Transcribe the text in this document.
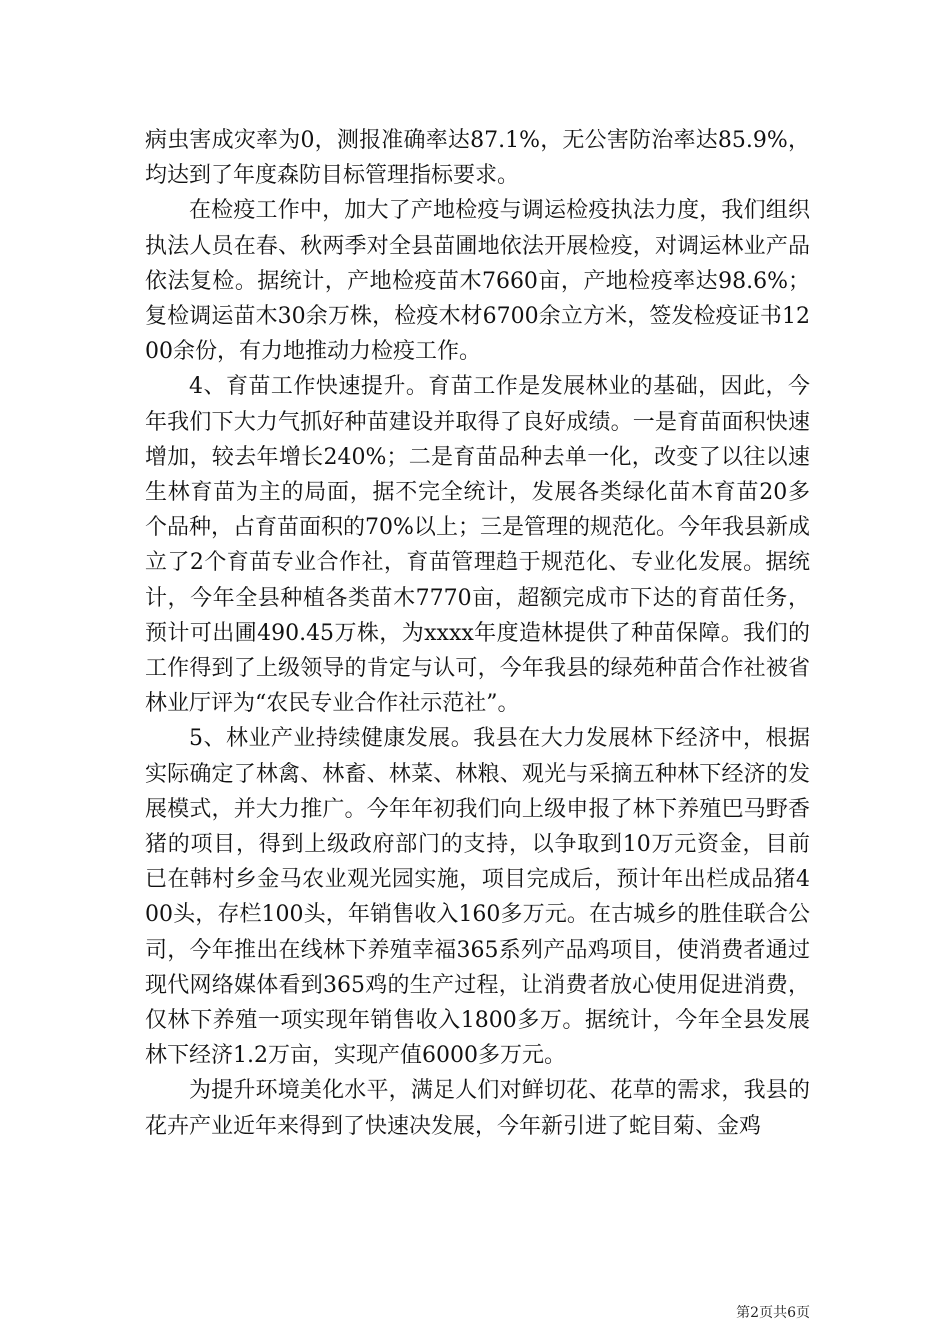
病虫害成灾率为0，测报准确率达87.1%，无公害防治率达85.9%，均达到了年度森防目标管理指标要求。

在检疫工作中，加大了产地检疫与调运检疫执法力度，我们组织执法人员在春、秋两季对全县苗圃地依法开展检疫，对调运林业产品依法复检。据统计，产地检疫苗木7660亩，产地检疫率达98.6%；复检调运苗木30余万株，检疫木材6700余立方米，签发检疫证书1200余份，有力地推动力检疫工作。

4、育苗工作快速提升。育苗工作是发展林业的基础，因此，今年我们下大力气抓好种苗建设并取得了良好成绩。一是育苗面积快速增加，较去年增长240%；二是育苗品种去单一化，改变了以往以速生林育苗为主的局面，据不完全统计，发展各类绿化苗木育苗20多个品种，占育苗面积的70%以上；三是管理的规范化。今年我县新成立了2个育苗专业合作社，育苗管理趋于规范化、专业化发展。据统计，今年全县种植各类苗木7770亩，超额完成市下达的育苗任务，预计可出圃490.45万株，为xxxx年度造林提供了种苗保障。我们的工作得到了上级领导的肯定与认可，今年我县的绿苑种苗合作社被省林业厅评为“农民专业合作社示范社”。

5、林业产业持续健康发展。我县在大力发展林下经济中，根据实际确定了林禽、林畜、林菜、林粮、观光与采摘五种林下经济的发展模式，并大力推广。今年年初我们向上级申报了林下养殖巴马野香猪的项目，得到上级政府部门的支持，以争取到10万元资金，目前已在韩村乡金马农业观光园实施，项目完成后，预计年出栏成品猪400头，存栏100头，年销售收入160多万元。在古城乡的胜佳联合公司，今年推出在线林下养殖幸福365系列产品鸡项目，使消费者通过现代网络媒体看到365鸡的生产过程，让消费者放心使用促进消费，仅林下养殖一项实现年销售收入1800多万。据统计，今年全县发展林下经济1.2万亩，实现产值6000多万元。

为提升环境美化水平，满足人们对鲜切花、花草的需求，我县的花卉产业近年来得到了快速决发展，今年新引进了蛇目菊、金鸡

第2页共6页
